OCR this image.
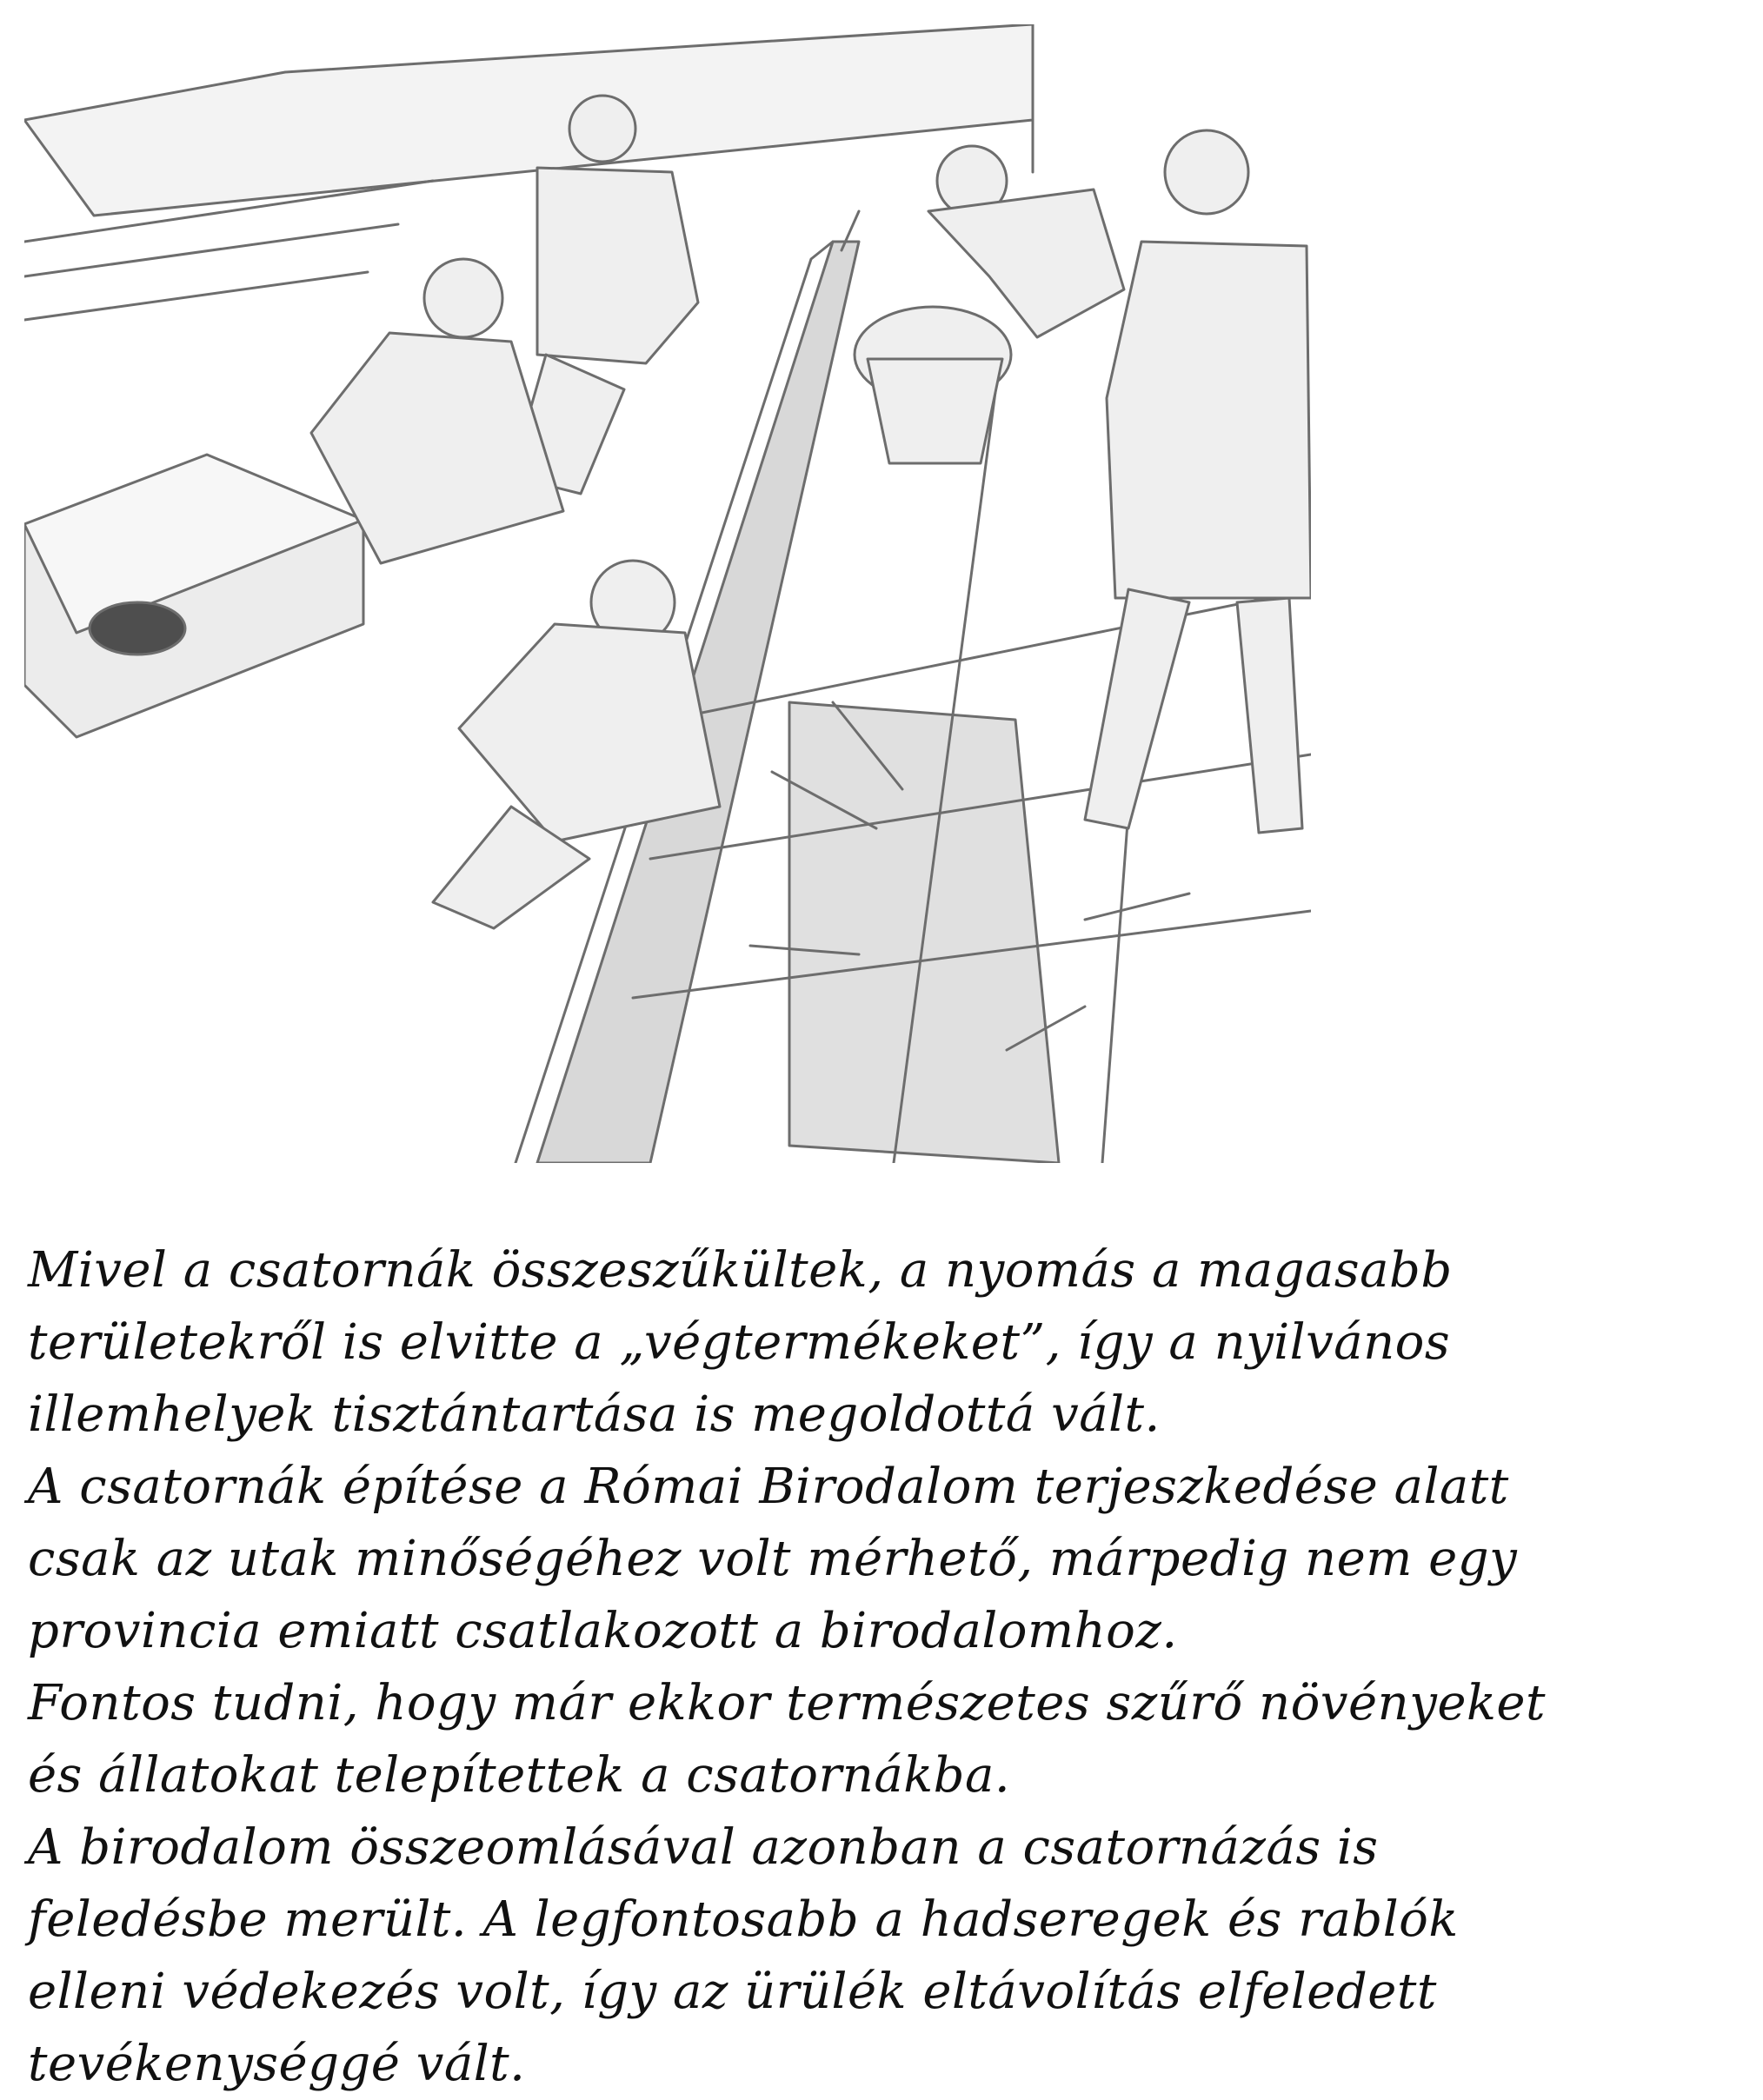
Mivel a csatornák összeszűkültek, a nyomás a magasabb
területekről is elvitte a „végtermékeket”, így a nyilvános
illemhelyek tisztántartása is megoldottá vált.
A csatornák építése a Római Birodalom terjeszkedése alatt
csak az utak minőségéhez volt mérhető, márpedig nem egy
provincia emiatt csatlakozott a birodalomhoz.
Fontos tudni, hogy már ekkor természetes szűrő növényeket
és állatokat telepítettek a csatornákba.
A birodalom összeomlásával azonban a csatornázás is
feledésbe merült. A legfontosabb a hadseregek és rablók
elleni védekezés volt, így az ürülék eltávolítás elfeledett
tevékenységgé vált.
